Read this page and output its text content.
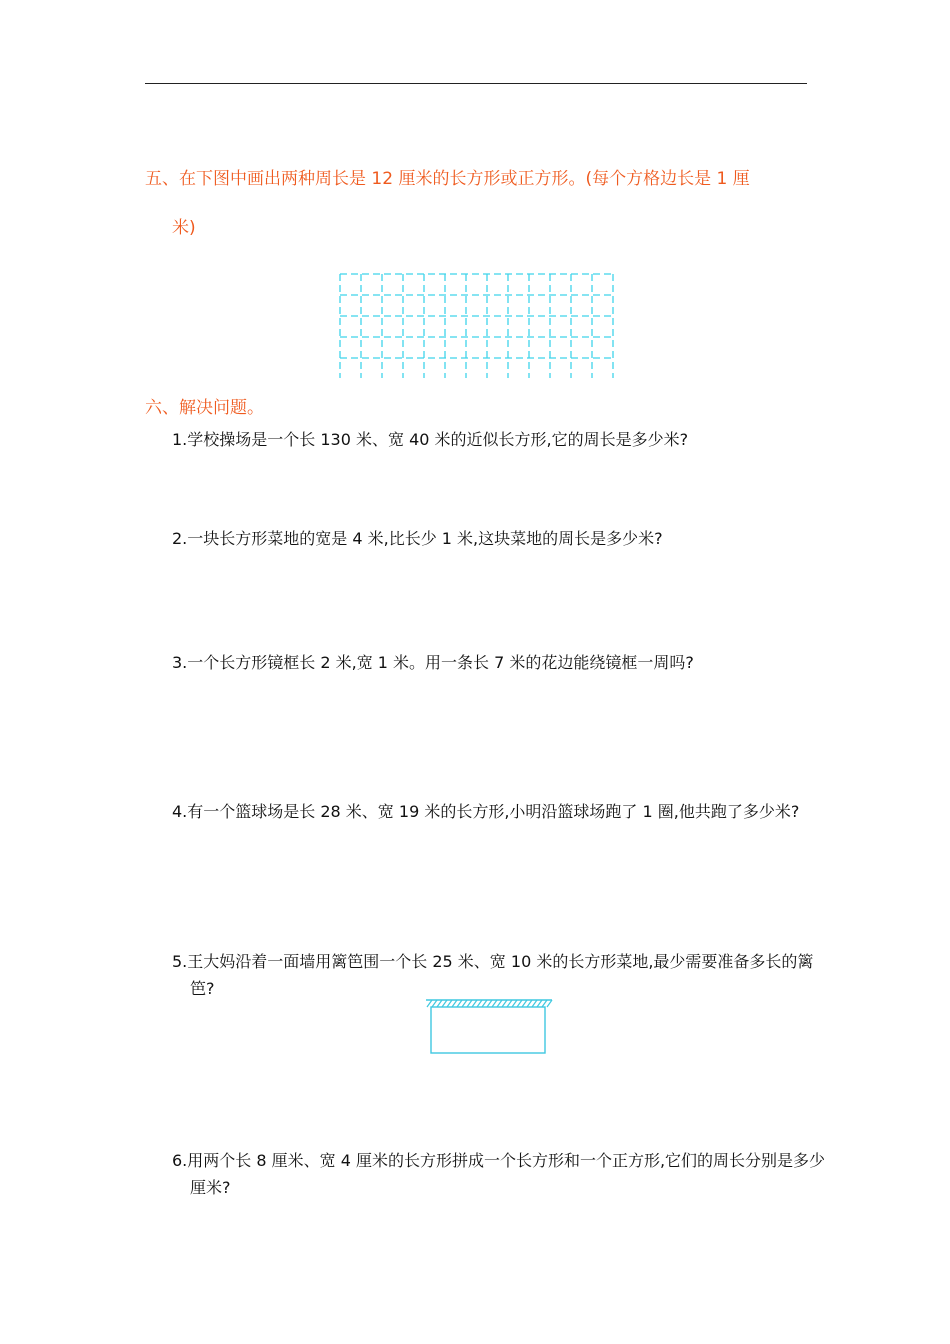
五、在下图中画出两种周长是 12 厘米的长方形或正方形。(每个方格边长是 1 厘
米)
六、解决问题。
1.学校操场是一个长 130 米、宽 40 米的近似长方形,它的周长是多少米?
2.一块长方形菜地的宽是 4 米,比长少 1 米,这块菜地的周长是多少米?
3.一个长方形镜框长 2 米,宽 1 米。用一条长 7 米的花边能绕镜框一周吗?
4.有一个篮球场是长 28 米、宽 19 米的长方形,小明沿篮球场跑了 1 圈,他共跑了多少米?
5.王大妈沿着一面墙用篱笆围一个长 25 米、宽 10 米的长方形菜地,最少需要准备多长的篱笆?
6.用两个长 8 厘米、宽 4 厘米的长方形拼成一个长方形和一个正方形,它们的周长分别是多少厘米?
